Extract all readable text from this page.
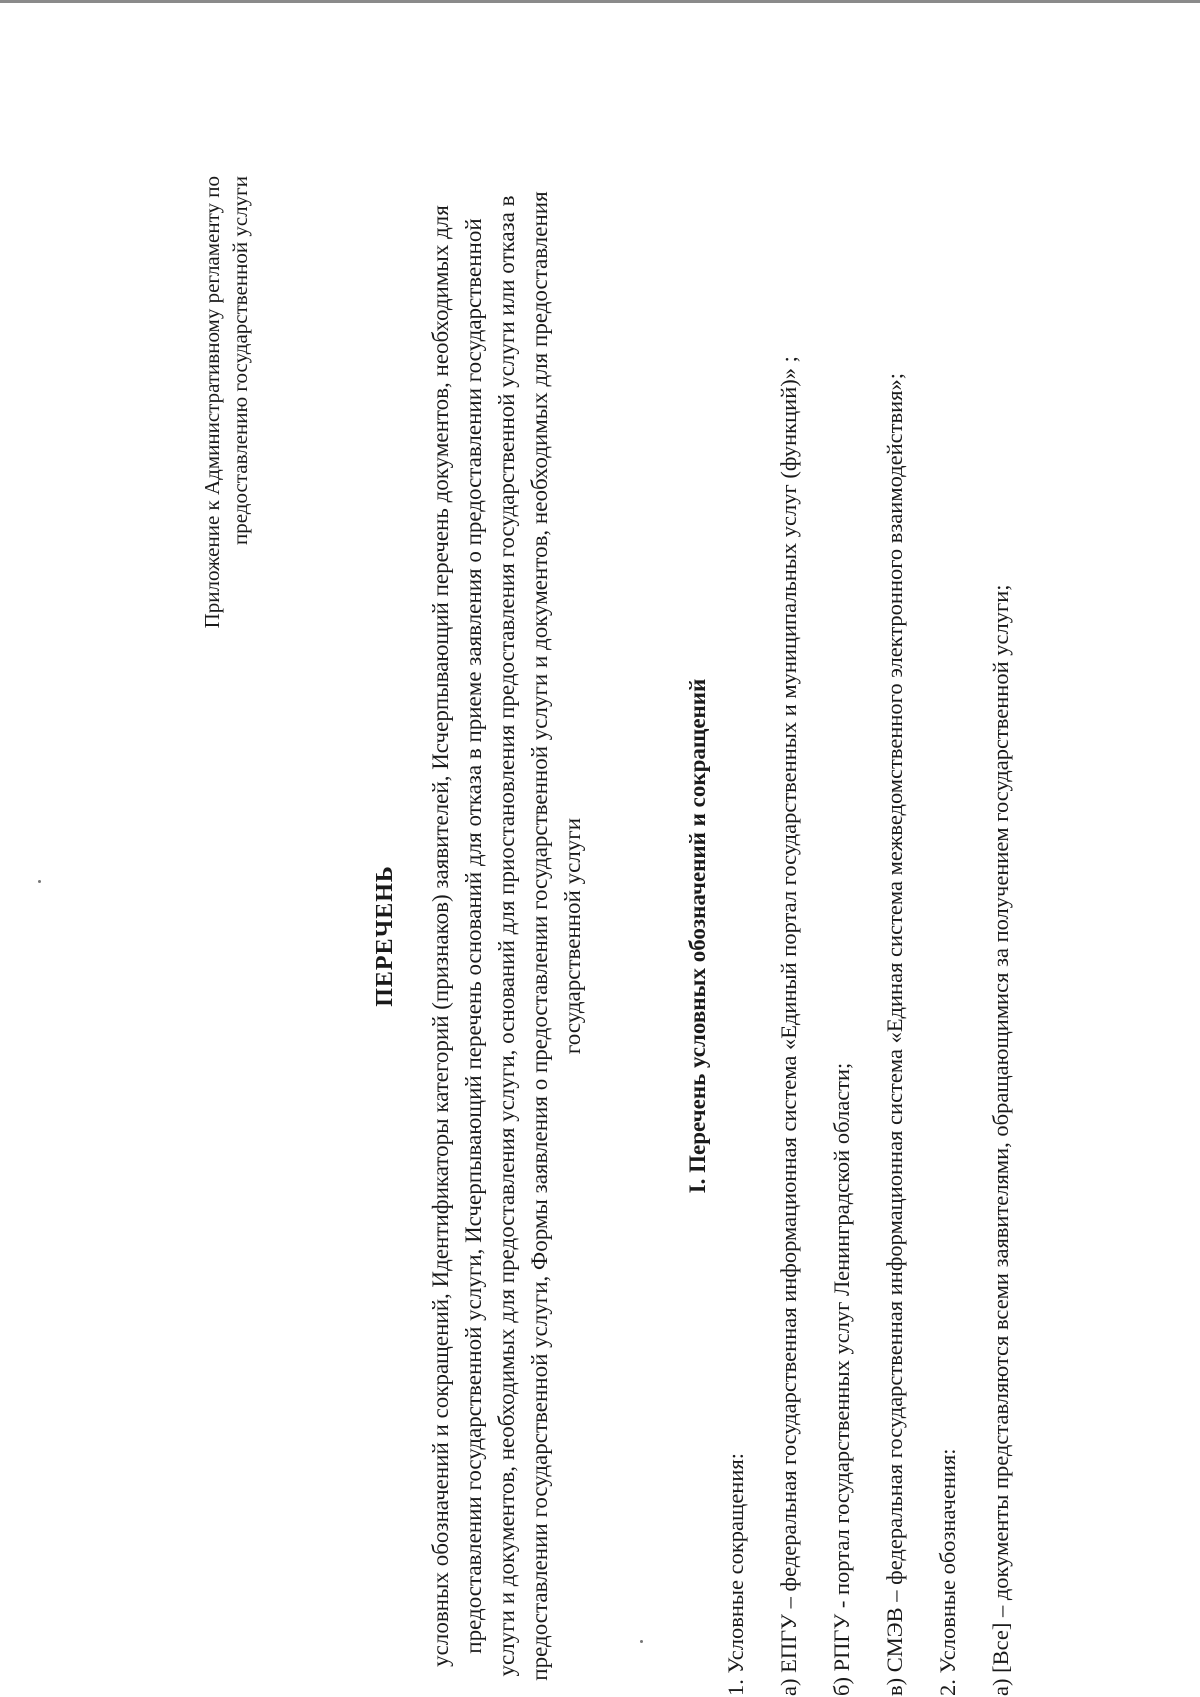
Приложение к Административному регламенту по предоставлению государственной услуги
ПЕРЕЧЕНЬ условных обозначений и сокращений, Идентификаторы категорий (признаков) заявителей, Исчерпывающий перечень документов, необходимых для предоставлении государственной услуги, Исчерпывающий перечень оснований для отказа в приеме заявления о предоставлении государственной услуги и документов, необходимых для предоставления услуги, оснований для приостановления предоставления государственной услуги или отказа в предоставлении государственной услуги, Формы заявления о предоставлении государственной услуги и документов, необходимых для предоставления государственной услуги	I. Перечень условных обозначений и сокращений

1. Условные сокращения: а) ЕПГУ – федеральная государственная информационная система «Единый портал государственных и муниципальных услуг (функций)» ; б) РПГУ - портал государственных услуг Ленинградской области; в) СМЭВ – федеральная государственная информационная система «Единая система межведомственного электронного взаимодействия»; 2. Условные обозначения: а) [Все] – документы представляются всеми заявителями, обращающимися за получением государственной услуги;
